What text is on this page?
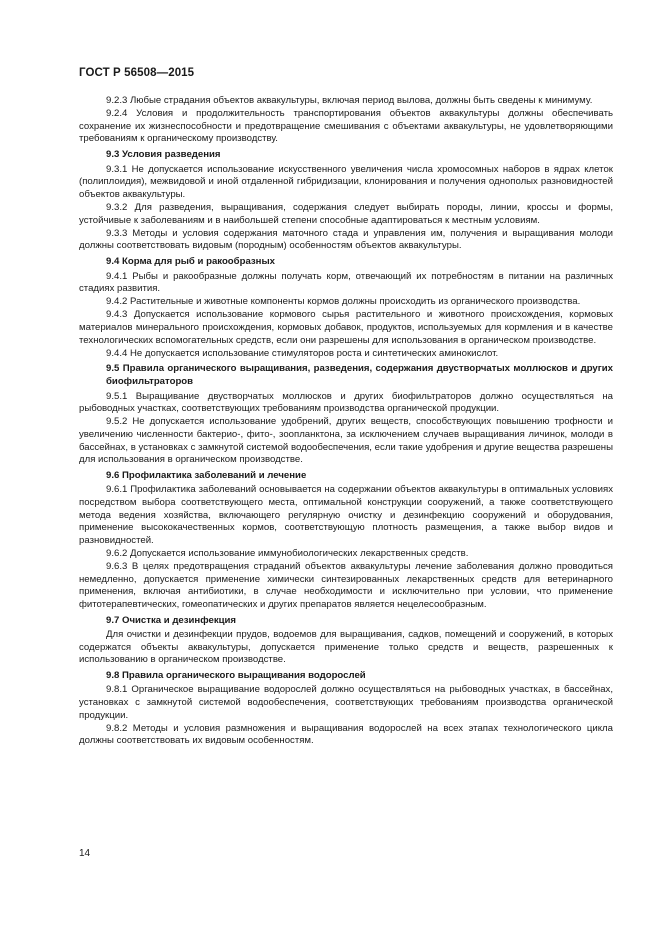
ГОСТ Р 56508—2015

9.2.3 Любые страдания объектов аквакультуры, включая период вылова, должны быть сведены к минимуму.

9.2.4 Условия и продолжительность транспортирования объектов аквакультуры должны обеспечивать сохранение их жизнеспособности и предотвращение смешивания с объектами аквакультуры, не удовлетворяющими требованиям к органическому производству.

9.3 Условия разведения

9.3.1 Не допускается использование искусственного увеличения числа хромосомных наборов в ядрах клеток (полиплоидия), межвидовой и иной отдаленной гибридизации, клонирования и получения однополых разновидностей объектов аквакультуры.

9.3.2 Для разведения, выращивания, содержания следует выбирать породы, линии, кроссы и формы, устойчивые к заболеваниям и в наибольшей степени способные адаптироваться к местным условиям.

9.3.3 Методы и условия содержания маточного стада и управления им, получения и выращивания молоди должны соответствовать видовым (породным) особенностям объектов аквакультуры.

9.4 Корма для рыб и ракообразных

9.4.1 Рыбы и ракообразные должны получать корм, отвечающий их потребностям в питании на различных стадиях развития.

9.4.2 Растительные и животные компоненты кормов должны происходить из органического производства.

9.4.3 Допускается использование кормового сырья растительного и животного происхождения, кормовых материалов минерального происхождения, кормовых добавок, продуктов, используемых для кормления и в качестве технологических вспомогательных средств, если они разрешены для использования в органическом производстве.

9.4.4 Не допускается использование стимуляторов роста и синтетических аминокислот.

9.5 Правила органического выращивания, разведения, содержания двустворчатых моллюсков и других биофильтраторов

9.5.1 Выращивание двустворчатых моллюсков и других биофильтраторов должно осуществляться на рыбоводных участках, соответствующих требованиям производства органической продукции.

9.5.2 Не допускается использование удобрений, других веществ, способствующих повышению трофности и увеличению численности бактерио-, фито-, зоопланктона, за исключением случаев выращивания личинок, молоди в бассейнах, в установках с замкнутой системой водообеспечения, если такие удобрения и другие вещества разрешены для использования в органическом производстве.

9.6 Профилактика заболеваний и лечение

9.6.1 Профилактика заболеваний основывается на содержании объектов аквакультуры в оптимальных условиях посредством выбора соответствующего места, оптимальной конструкции сооружений, а также соответствующего метода ведения хозяйства, включающего регулярную очистку и дезинфекцию сооружений и оборудования, применение высококачественных кормов, соответствующую плотность размещения, а также выбор видов и разновидностей.

9.6.2 Допускается использование иммунобиологических лекарственных средств.

9.6.3 В целях предотвращения страданий объектов аквакультуры лечение заболевания должно проводиться немедленно, допускается применение химически синтезированных лекарственных средств для ветеринарного применения, включая антибиотики, в случае необходимости и исключительно при условии, что применение фитотерапевтических, гомеопатических и других препаратов является нецелесообразным.

9.7 Очистка и дезинфекция

Для очистки и дезинфекции прудов, водоемов для выращивания, садков, помещений и сооружений, в которых содержатся объекты аквакультуры, допускается применение только средств и веществ, разрешенных к использованию в органическом производстве.

9.8 Правила органического выращивания водорослей

9.8.1 Органическое выращивание водорослей должно осуществляться на рыбоводных участках, в бассейнах, установках с замкнутой системой водообеспечения, соответствующих требованиям производства органической продукции.

9.8.2 Методы и условия размножения и выращивания водорослей на всех этапах технологического цикла должны соответствовать их видовым особенностям.

14
